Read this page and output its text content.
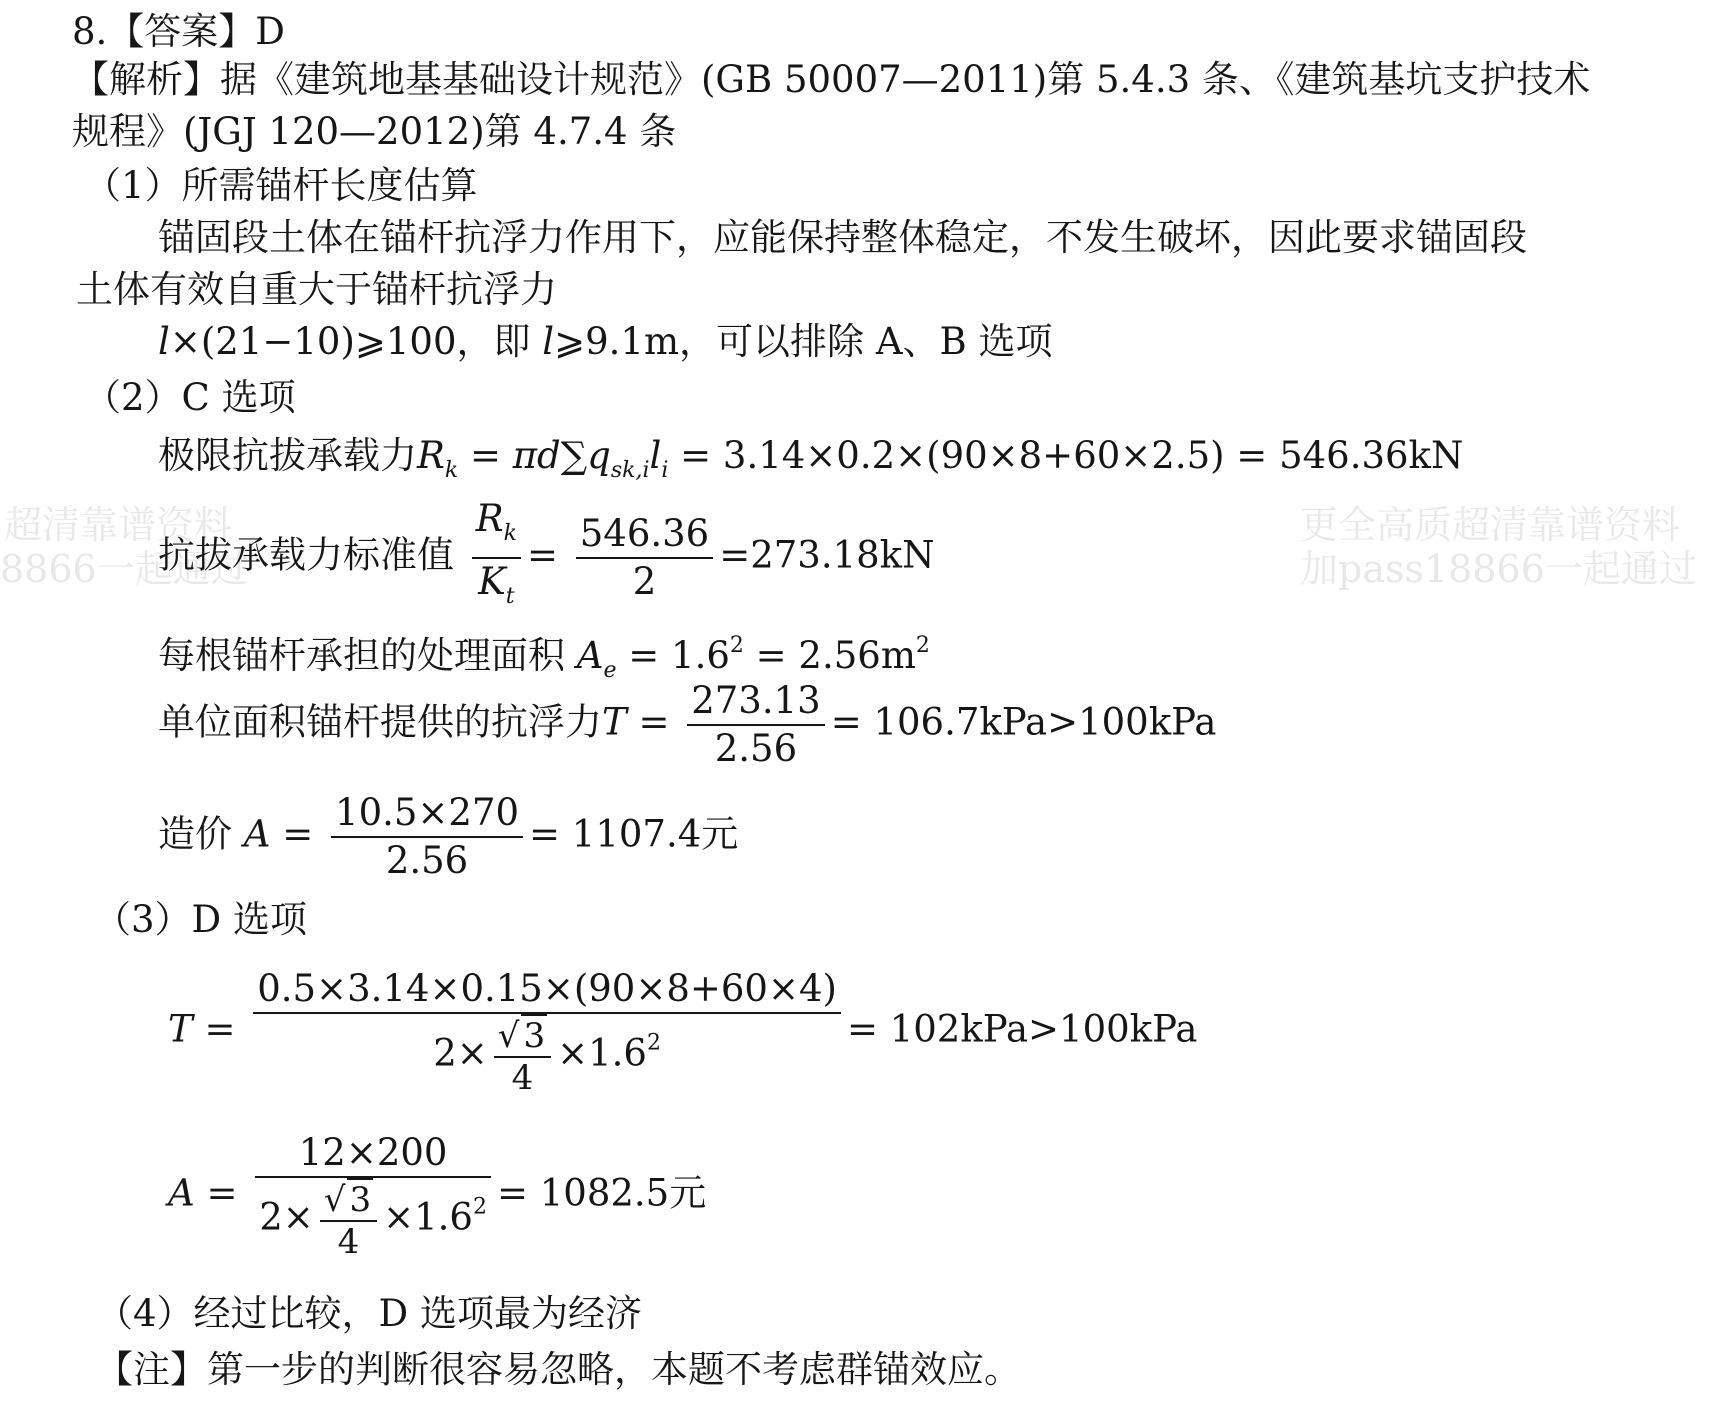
超清靠谱资料
8866一起通过
更全高质超清靠谱资料
加pass18866一起通过
8.【答案】D
【解析】据《建筑地基基础设计规范》(GB 50007—2011)第 5.4.3 条、《建筑基坑支护技术
规程》(JGJ 120—2012)第 4.7.4 条
（1）所需锚杆长度估算
锚固段土体在锚杆抗浮力作用下，应能保持整体稳定，不发生破坏，因此要求锚固段
土体有效自重大于锚杆抗浮力
l×(21−10)⩾100，即 l⩾9.1m，可以排除 A、B 选项
（2）C 选项
极限抗拔承载力$R_k = \pi d\sum q_{sk,i}l_i = 3.14\times 0.2\times(90\times 8+60\times 2.5) = 546.36kN$
抗拔承载力标准值 $\frac{R_k}{K_t} = \frac{546.36}{2} =273.18kN$
每根锚杆承担的处理面积 $A_e = 1.6^2 = 2.56m^2$
单位面积锚杆提供的抗浮力$T = \frac{273.13}{2.56} = 106.7kPa>100kPa$
造价 $A = \frac{10.5\times 270}{2.56} = 1107.4$元
（3）D 选项
$T = \frac{0.5\times 3.14\times 0.15\times(90\times 8+60\times 4)}{2\times \frac{√ 3}{4} \times 1.6^2} = 102kPa>100kPa$
$A = \frac{12\times 200}{2\times \frac{√ 3}{4} \times 1.6^2} = 1082.5$元
（4）经过比较，D 选项最为经济
【注】第一步的判断很容易忽略，本题不考虑群锚效应。
